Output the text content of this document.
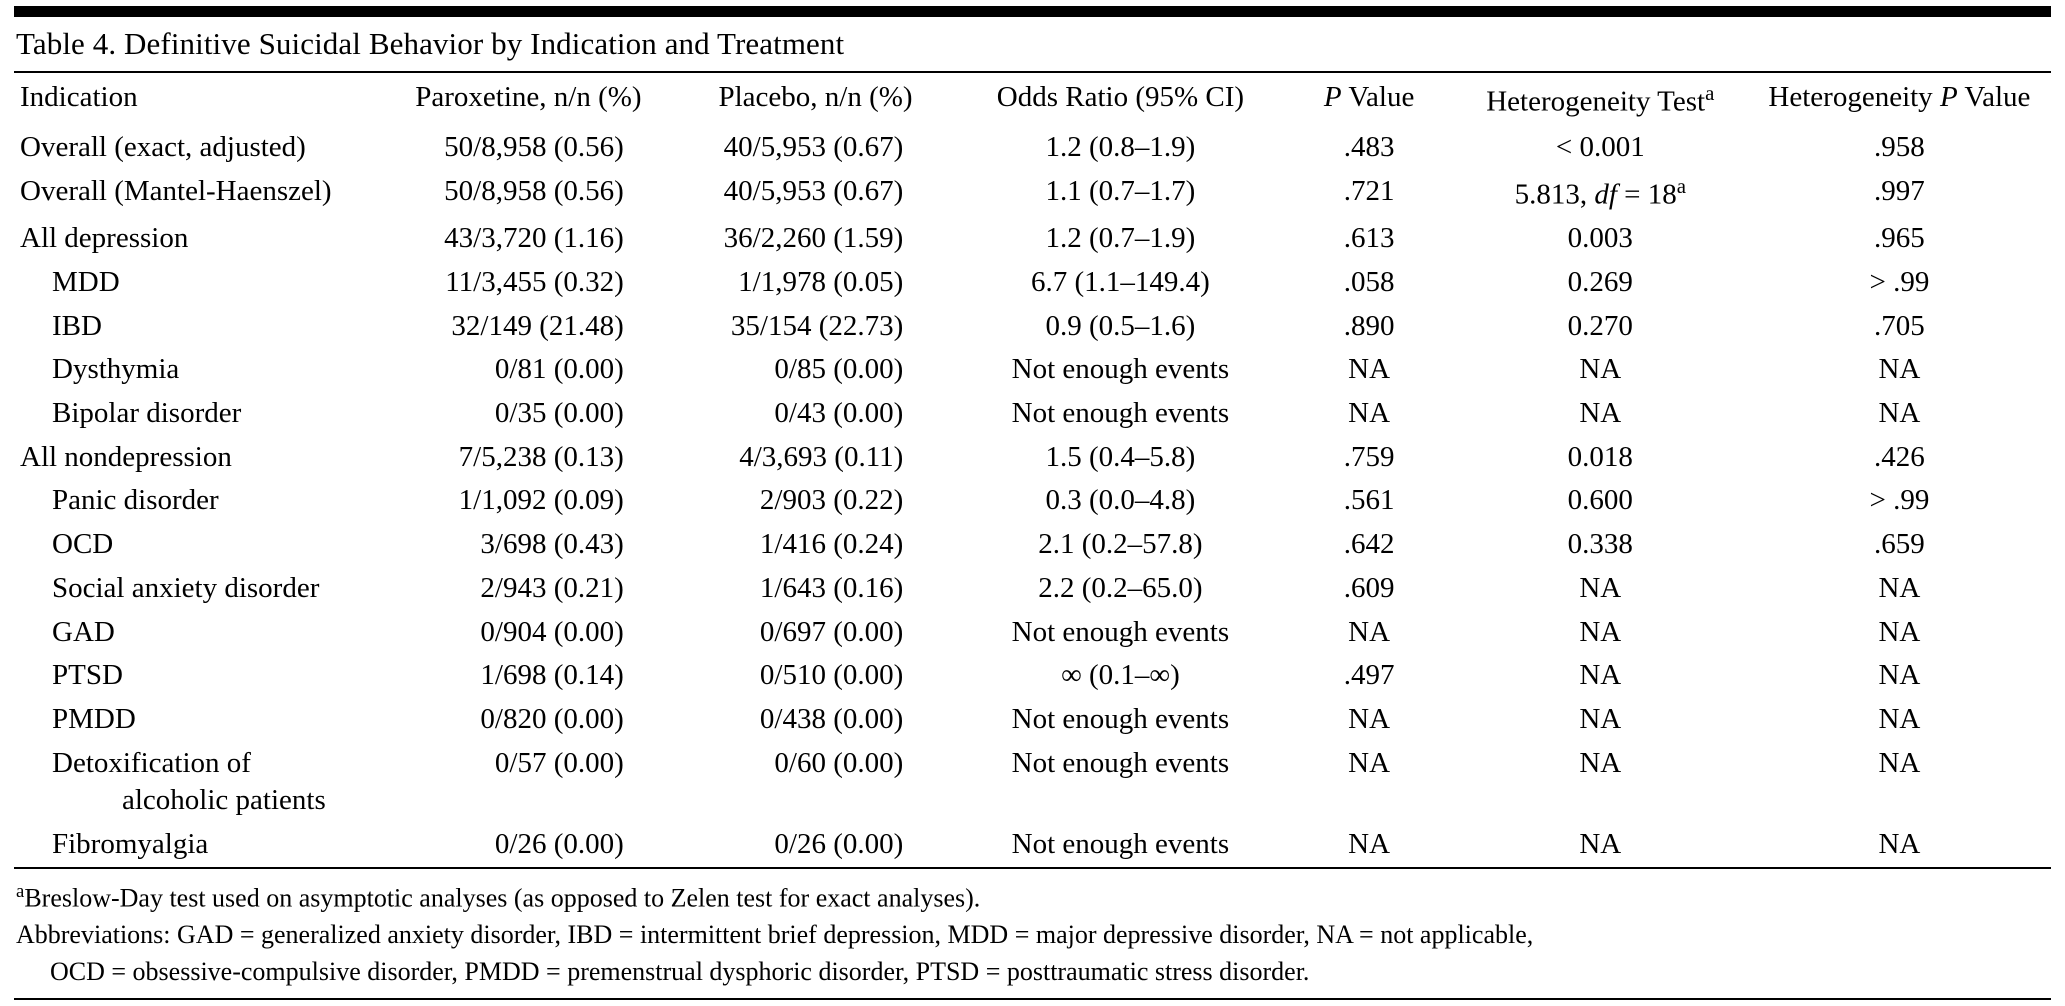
Table 4. Definitive Suicidal Behavior by Indication and Treatment
Indication	Paroxetine, n/n (%)	Placebo, n/n (%)	Odds Ratio (95% CI)	P Value	Heterogeneity Test$^a$	Heterogeneity P Value
Overall (exact, adjusted)	50/8,958 (0.56)	40/5,953 (0.67)	1.2 (0.8–1.9)	.483	< 0.001	.958
Overall (Mantel-Haenszel)	50/8,958 (0.56)	40/5,953 (0.67)	1.1 (0.7–1.7)	.721	5.813, df = $18^a$	.997
All depression	43/3,720 (1.16)	36/2,260 (1.59)	1.2 (0.7–1.9)	.613	0.003	.965
MDD	11/3,455 (0.32)	1/1,978 (0.05)	6.7 (1.1–149.4)	.058	0.269	> .99
IBD	32/149 (21.48)	35/154 (22.73)	0.9 (0.5–1.6)	.890	0.270	.705
Dysthymia	0/81 (0.00)	0/85 (0.00)	Not enough events	NA	NA	NA
Bipolar disorder	0/35 (0.00)	0/43 (0.00)	Not enough events	NA	NA	NA
All nondepression	7/5,238 (0.13)	4/3,693 (0.11)	1.5 (0.4–5.8)	.759	0.018	.426
Panic disorder	1/1,092 (0.09)	2/903 (0.22)	0.3 (0.0–4.8)	.561	0.600	> .99
OCD	3/698 (0.43)	1/416 (0.24)	2.1 (0.2–57.8)	.642	0.338	.659
Social anxiety disorder	2/943 (0.21)	1/643 (0.16)	2.2 (0.2–65.0)	.609	NA	NA
GAD	0/904 (0.00)	0/697 (0.00)	Not enough events	NA	NA	NA
PTSD	1/698 (0.14)	0/510 (0.00)	∞ (0.1–∞)	.497	NA	NA
PMDD	0/820 (0.00)	0/438 (0.00)	Not enough events	NA	NA	NA
Detoxification of
alcoholic patients	0/57 (0.00)	0/60 (0.00)	Not enough events	NA	NA	NA
Fibromyalgia	0/26 (0.00)	0/26 (0.00)	Not enough events	NA	NA	NA
$^a$Breslow-Day test used on asymptotic analyses (as opposed to Zelen test for exact analyses).
Abbreviations: GAD = generalized anxiety disorder, IBD = intermittent brief depression, MDD = major depressive disorder, NA = not applicable,
OCD = obsessive-compulsive disorder, PMDD = premenstrual dysphoric disorder, PTSD = posttraumatic stress disorder.
